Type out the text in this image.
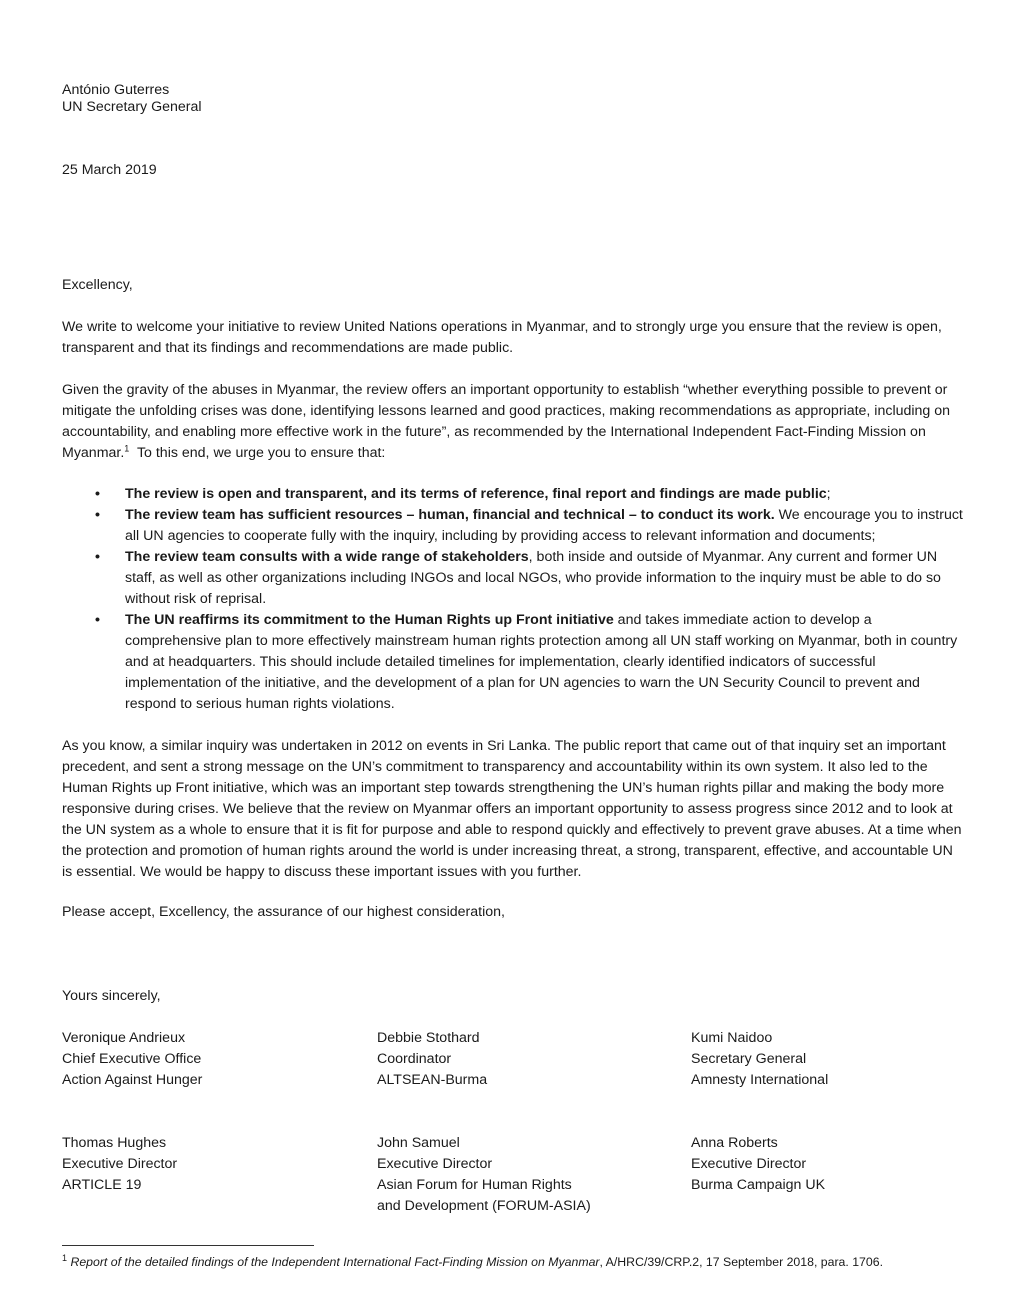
António Guterres
UN Secretary General
25 March 2019
Excellency,
We write to welcome your initiative to review United Nations operations in Myanmar, and to strongly urge you ensure that the review is open, transparent and that its findings and recommendations are made public.
Given the gravity of the abuses in Myanmar, the review offers an important opportunity to establish “whether everything possible to prevent or mitigate the unfolding crises was done, identifying lessons learned and good practices, making recommendations as appropriate, including on accountability, and enabling more effective work in the future”, as recommended by the International Independent Fact-Finding Mission on Myanmar.$^1$  To this end, we urge you to ensure that:
• The review is open and transparent, and its terms of reference, final report and findings are made public;
• The review team has sufficient resources – human, financial and technical – to conduct its work. We encourage you to instruct all UN agencies to cooperate fully with the inquiry, including by providing access to relevant information and documents;
• The review team consults with a wide range of stakeholders, both inside and outside of Myanmar. Any current and former UN staff, as well as other organizations including INGOs and local NGOs, who provide information to the inquiry must be able to do so without risk of reprisal.
• The UN reaffirms its commitment to the Human Rights up Front initiative and takes immediate action to develop a comprehensive plan to more effectively mainstream human rights protection among all UN staff working on Myanmar, both in country and at headquarters. This should include detailed timelines for implementation, clearly identified indicators of successful implementation of the initiative, and the development of a plan for UN agencies to warn the UN Security Council to prevent and respond to serious human rights violations.
As you know, a similar inquiry was undertaken in 2012 on events in Sri Lanka. The public report that came out of that inquiry set an important precedent, and sent a strong message on the UN’s commitment to transparency and accountability within its own system. It also led to the Human Rights up Front initiative, which was an important step towards strengthening the UN’s human rights pillar and making the body more responsive during crises. We believe that the review on Myanmar offers an important opportunity to assess progress since 2012 and to look at the UN system as a whole to ensure that it is fit for purpose and able to respond quickly and effectively to prevent grave abuses. At a time when the protection and promotion of human rights around the world is under increasing threat, a strong, transparent, effective, and accountable UN is essential. We would be happy to discuss these important issues with you further.
Please accept, Excellency, the assurance of our highest consideration,
Yours sincerely,
Veronique Andrieux
Chief Executive Office
Action Against Hunger
Debbie Stothard
Coordinator
ALTSEAN-Burma
Kumi Naidoo
Secretary General
Amnesty International
Thomas Hughes
Executive Director
ARTICLE 19
John Samuel
Executive Director
Asian Forum for Human Rights
and Development (FORUM-ASIA)
Anna Roberts
Executive Director
Burma Campaign UK
$^1$ Report of the detailed findings of the Independent International Fact-Finding Mission on Myanmar, A/HRC/39/CRP.2, 17 September 2018, para. 1706.
